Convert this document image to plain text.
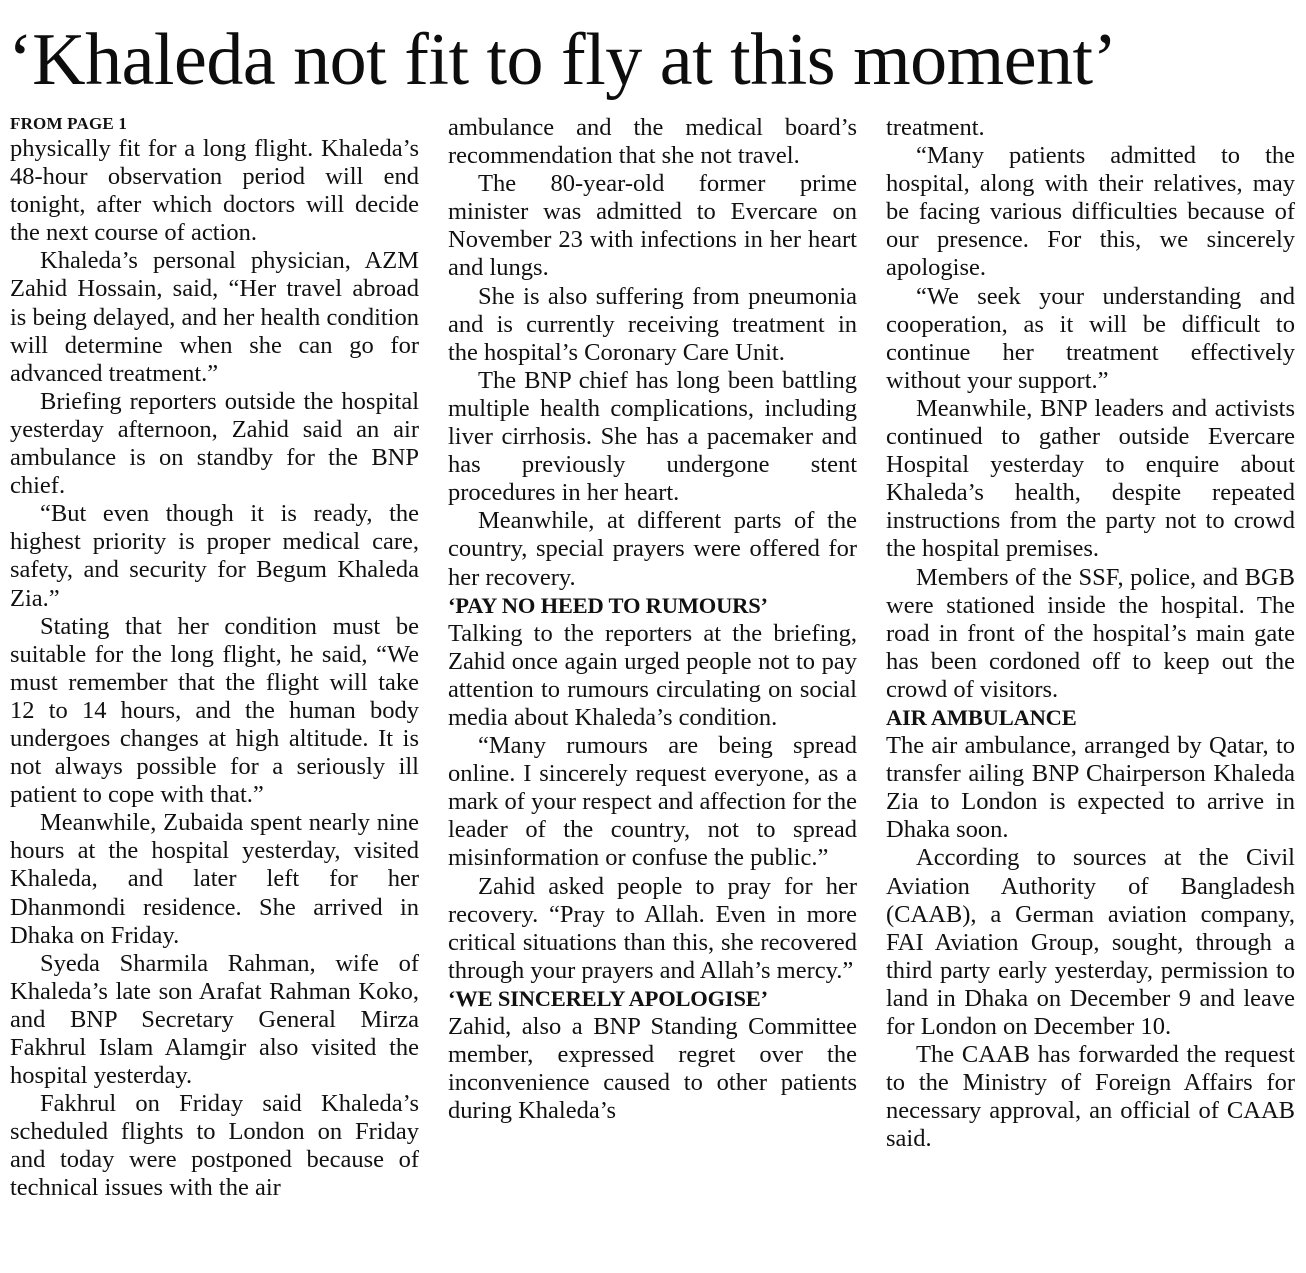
‘Khaleda not fit to fly at this moment’
FROM PAGE 1

physically fit for a long flight. Khaleda’s 48-hour observation period will end tonight, after which doctors will decide the next course of action.

Khaleda’s personal physician, AZM Zahid Hossain, said, “Her travel abroad is being delayed, and her health condition will determine when she can go for advanced treatment.”

Briefing reporters outside the hospital yesterday afternoon, Zahid said an air ambulance is on standby for the BNP chief.

“But even though it is ready, the highest priority is proper medical care, safety, and security for Begum Khaleda Zia.”

Stating that her condition must be suitable for the long flight, he said, “We must remember that the flight will take 12 to 14 hours, and the human body undergoes changes at high altitude. It is not always possible for a seriously ill patient to cope with that.”

Meanwhile, Zubaida spent nearly nine hours at the hospital yesterday, visited Khaleda, and later left for her Dhanmondi residence. She arrived in Dhaka on Friday.

Syeda Sharmila Rahman, wife of Khaleda’s late son Arafat Rahman Koko, and BNP Secretary General Mirza Fakhrul Islam Alamgir also visited the hospital yesterday.

Fakhrul on Friday said Khaleda’s scheduled flights to London on Friday and today were postponed because of technical issues with the air

ambulance and the medical board’s recommendation that she not travel.

The 80-year-old former prime minister was admitted to Evercare on November 23 with infections in her heart and lungs.

She is also suffering from pneumonia and is currently receiving treatment in the hospital’s Coronary Care Unit.

The BNP chief has long been battling multiple health complications, including liver cirrhosis. She has a pacemaker and has previously undergone stent procedures in her heart.

Meanwhile, at different parts of the country, special prayers were offered for her recovery.

‘PAY NO HEED TO RUMOURS’

Talking to the reporters at the briefing, Zahid once again urged people not to pay attention to rumours circulating on social media about Khaleda’s condition.

“Many rumours are being spread online. I sincerely request everyone, as a mark of your respect and affection for the leader of the country, not to spread misinformation or confuse the public.”

Zahid asked people to pray for her recovery. “Pray to Allah. Even in more critical situations than this, she recovered through your prayers and Allah’s mercy.”

‘WE SINCERELY APOLOGISE’

Zahid, also a BNP Standing Committee member, expressed regret over the inconvenience caused to other patients during Khaleda’s

treatment.

“Many patients admitted to the hospital, along with their relatives, may be facing various difficulties because of our presence. For this, we sincerely apologise.

“We seek your understanding and cooperation, as it will be difficult to continue her treatment effectively without your support.”

Meanwhile, BNP leaders and activists continued to gather outside Evercare Hospital yesterday to enquire about Khaleda’s health, despite repeated instructions from the party not to crowd the hospital premises.

Members of the SSF, police, and BGB were stationed inside the hospital. The road in front of the hospital’s main gate has been cordoned off to keep out the crowd of visitors.

AIR AMBULANCE

The air ambulance, arranged by Qatar, to transfer ailing BNP Chairperson Khaleda Zia to London is expected to arrive in Dhaka soon.

According to sources at the Civil Aviation Authority of Bangladesh (CAAB), a German aviation company, FAI Aviation Group, sought, through a third party early yesterday, permission to land in Dhaka on December 9 and leave for London on December 10.

The CAAB has forwarded the request to the Ministry of Foreign Affairs for necessary approval, an official of CAAB said.
